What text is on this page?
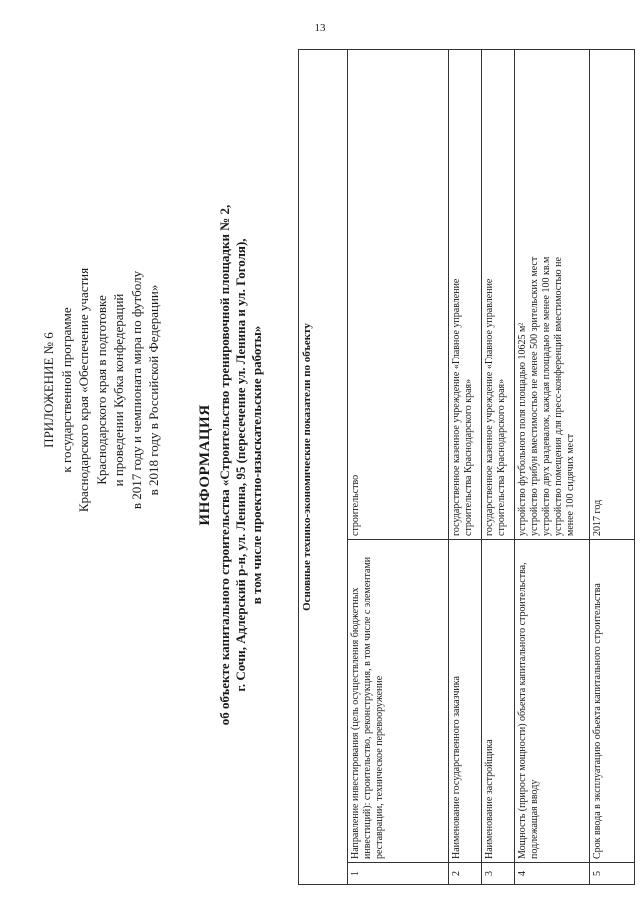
13
ПРИЛОЖЕНИЕ № 6 к государственной программе Краснодарского края «Обеспечение участия Краснодарского края в подготовке и проведении Кубка конфедераций в 2017 году и чемпионата мира по футболу в 2018 году в Российской Федерации» ИНФОРМАЦИЯ об объекте капитального строительства «Строительство тренировочной площадки № 2, г. Сочи, Адлерский р-н, ул. Ленина, 95 (пересечение ул. Ленина и ул. Гоголя), в том числе проектно-изыскательские работы»	Основные технико-экономические показатели по объекту		
1	Направление инвестирования (цель осуществления бюджетных инвестиций): строительство, реконструкция, в том числе с элементами реставрации, техническое перевооружение	строительство

2	Наименование государственного заказчика	государственное казенное учреждение «Главное управление строительства Краснодарского края»

3	Наименование застройщика	государственное казенное учреждение «Главное управление строительства Краснодарского края»

4	Мощность (прирост мощности) объекта капитального строительства, подлежащая вводу	устройство футбольного поля площадью 10625 м² устройство трибун вместимостью не менее 500 зрительских мест устройство двух раздевалок, каждая площадью не менее 100 кв.м устройство помещения для пресс-конференций вместимостью не менее 100 сидячих мест

5	Срок ввода в эксплуатацию объекта капитального строительства	2017 год
